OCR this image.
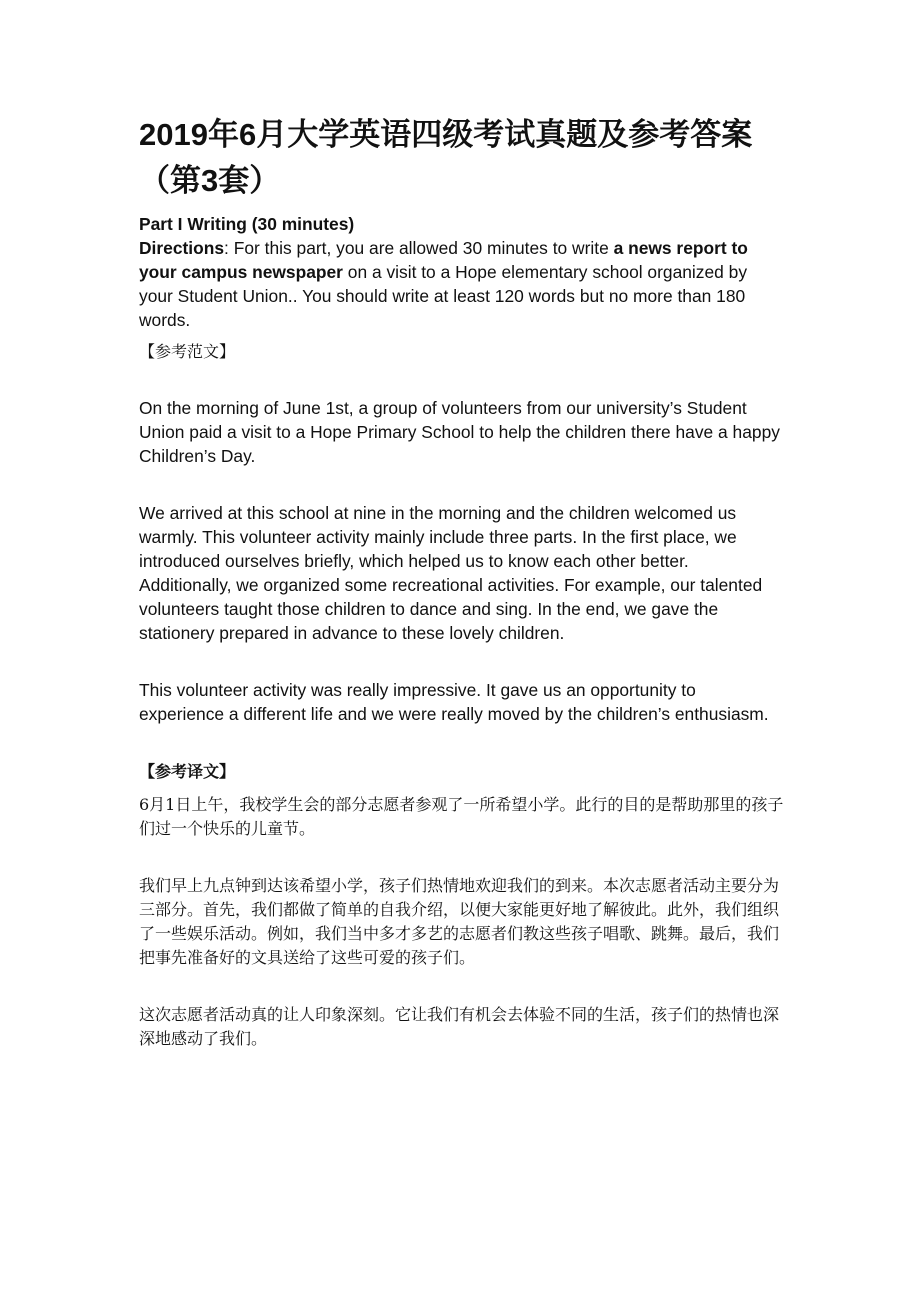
2019年6月大学英语四级考试真题及参考答案（第3套）

Part I Writing (30 minutes)

Directions: For this part, you are allowed 30 minutes to write a news report to your campus newspaper on a visit to a Hope elementary school organized by your Student Union.. You should write at least 120 words but no more than 180 words.

【参考范文】

On the morning of June 1st, a group of volunteers from our university’s Student Union paid a visit to a Hope Primary School to help the children there have a happy Children’s Day.

We arrived at this school at nine in the morning and the children welcomed us warmly. This volunteer activity mainly include three parts. In the first place, we introduced ourselves briefly, which helped us to know each other better. Additionally, we organized some recreational activities. For example, our talented volunteers taught those children to dance and sing. In the end, we gave the stationery prepared in advance to these lovely children.

This volunteer activity was really impressive. It gave us an opportunity to experience a different life and we were really moved by the children’s enthusiasm.

【参考译文】

6月1日上午，我校学生会的部分志愿者参观了一所希望小学。此行的目的是帮助那里的孩子们过一个快乐的儿童节。

我们早上九点钟到达该希望小学，孩子们热情地欢迎我们的到来。本次志愿者活动主要分为三部分。首先，我们都做了简单的自我介绍，以便大家能更好地了解彼此。此外，我们组织了一些娱乐活动。例如，我们当中多才多艺的志愿者们教这些孩子唱歌、跳舞。最后，我们把事先准备好的文具送给了这些可爱的孩子们。

这次志愿者活动真的让人印象深刻。它让我们有机会去体验不同的生活，孩子们的热情也深深地感动了我们。
